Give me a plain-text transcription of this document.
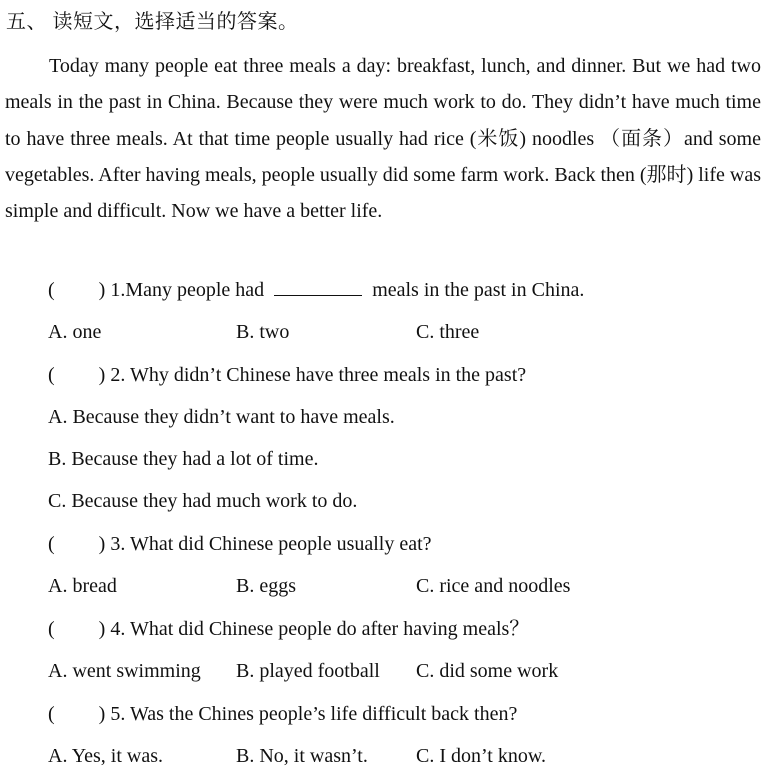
五、 读短文，选择适当的答案。

Today many people eat three meals a day: breakfast, lunch, and dinner. But we had two meals in the past in China. Because they were much work to do. They didn’t have much time to have three meals. At that time people usually had rice (米饭) noodles （面条）and some vegetables. After having meals, people usually did some farm work. Back then (那时) life was simple and difficult. Now we have a better life.

( ) 1.Many people had	meals in the past in China.
A. one	B. two	C. three
( ) 2. Why didn’t Chinese have three meals in the past?
A. Because they didn’t want to have meals.
B. Because they had a lot of time.
C. Because they had much work to do.
( ) 3. What did Chinese people usually eat?
A. bread	B. eggs	C. rice and noodles
( ) 4. What did Chinese people do after having meals？
A. went swimming B. played football C. did some work
( ) 5. Was the Chines people’s life difficult back then?
A. Yes, it was.	B. No, it wasn’t. C. I don’t know.
